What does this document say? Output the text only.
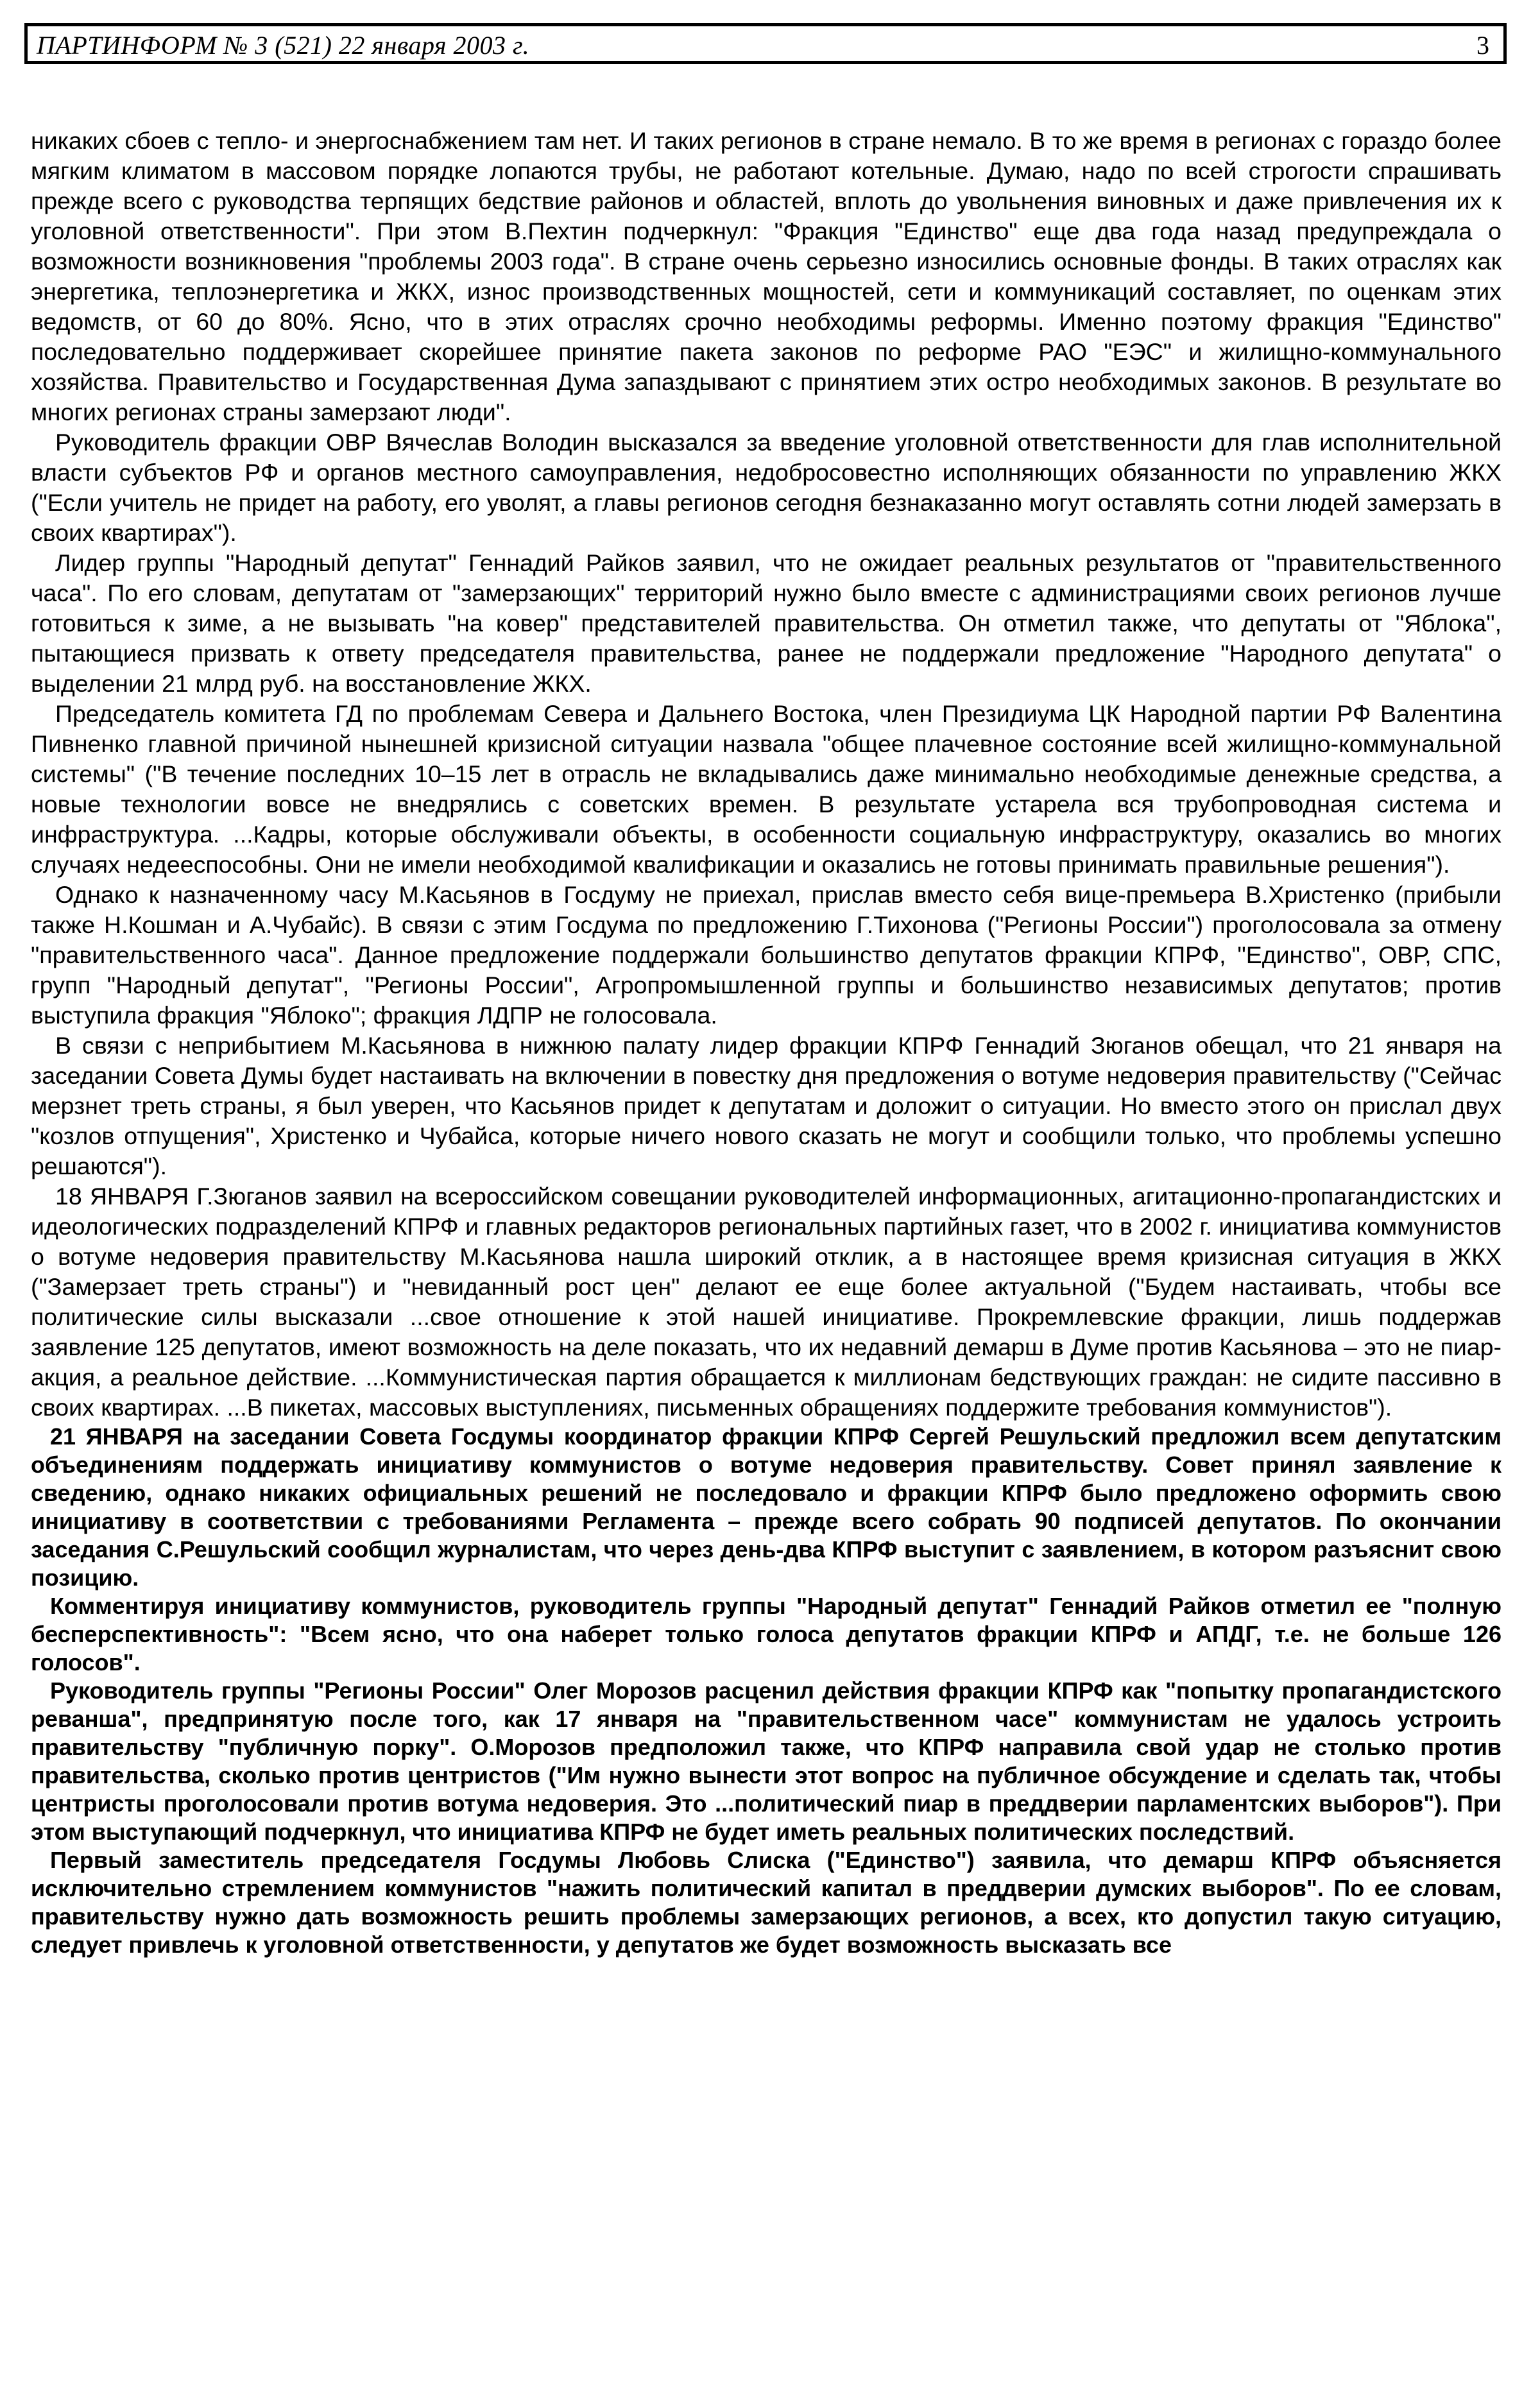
ПАРТИНФОРМ № 3 (521) 22 января 2003 г.	3

никаких сбоев с тепло- и энергоснабжением там нет. И таких регионов в стране немало. В то же время в регионах с гораздо более мягким климатом в массовом порядке лопаются трубы, не работают котельные. Думаю, надо по всей строгости спрашивать прежде всего с руководства терпящих бедствие районов и областей, вплоть до увольнения виновных и даже привлечения их к уголовной ответственности". При этом В.Пехтин подчеркнул: "Фракция "Единство" еще два года назад предупреждала о возможности возникновения "проблемы 2003 года". В стране очень серьезно износились основные фонды. В таких отраслях как энергетика, теплоэнергетика и ЖКХ, износ производственных мощностей, сети и коммуникаций составляет, по оценкам этих ведомств, от 60 до 80%. Ясно, что в этих отраслях срочно необходимы реформы. Именно поэтому фракция "Единство" последовательно поддерживает скорейшее принятие пакета законов по реформе РАО "ЕЭС" и жилищно-коммунального хозяйства. Правительство и Государственная Дума запаздывают с принятием этих остро необходимых законов. В результате во многих регионах страны замерзают люди".

Руководитель фракции ОВР Вячеслав Володин высказался за введение уголовной ответственности для глав исполнительной власти субъектов РФ и органов местного самоуправления, недобросовестно исполняющих обязанности по управлению ЖКХ ("Если учитель не придет на работу, его уволят, а главы регионов сегодня безнаказанно могут оставлять сотни людей замерзать в своих квартирах").

Лидер группы "Народный депутат" Геннадий Райков заявил, что не ожидает реальных результатов от "правительственного часа". По его словам, депутатам от "замерзающих" территорий нужно было вместе с администрациями своих регионов лучше готовиться к зиме, а не вызывать "на ковер" представителей правительства. Он отметил также, что депутаты от "Яблока", пытающиеся призвать к ответу председателя правительства, ранее не поддержали предложение "Народного депутата" о выделении 21 млрд руб. на восстановление ЖКХ.

Председатель комитета ГД по проблемам Севера и Дальнего Востока, член Президиума ЦК Народной партии РФ Валентина Пивненко главной причиной нынешней кризисной ситуации назвала "общее плачевное состояние всей жилищно-коммунальной системы" ("В течение последних 10–15 лет в отрасль не вкладывались даже минимально необходимые денежные средства, а новые технологии вовсе не внедрялись с советских времен. В результате устарела вся трубопроводная система и инфраструктура. ...Кадры, которые обслуживали объекты, в особенности социальную инфраструктуру, оказались во многих случаях недееспособны. Они не имели необходимой квалификации и оказались не готовы принимать правильные решения").

Однако к назначенному часу М.Касьянов в Госдуму не приехал, прислав вместо себя вице-премьера В.Христенко (прибыли также Н.Кошман и А.Чубайс). В связи с этим Госдума по предложению Г.Тихонова ("Регионы России") проголосовала за отмену "правительственного часа". Данное предложение поддержали большинство депутатов фракции КПРФ, "Единство", ОВР, СПС, групп "Народный депутат", "Регионы России", Агропромышленной группы и большинство независимых депутатов; против выступила фракция "Яблоко"; фракция ЛДПР не голосовала.

В связи с неприбытием М.Касьянова в нижнюю палату лидер фракции КПРФ Геннадий Зюганов обещал, что 21 января на заседании Совета Думы будет настаивать на включении в повестку дня предложения о вотуме недоверия правительству ("Сейчас мерзнет треть страны, я был уверен, что Касьянов придет к депутатам и доложит о ситуации. Но вместо этого он прислал двух "козлов отпущения", Христенко и Чубайса, которые ничего нового сказать не могут и сообщили только, что проблемы успешно решаются").

18 ЯНВАРЯ Г.Зюганов заявил на всероссийском совещании руководителей информационных, агитационно-пропагандистских и идеологических подразделений КПРФ и главных редакторов региональных партийных газет, что в 2002 г. инициатива коммунистов о вотуме недоверия правительству М.Касьянова нашла широкий отклик, а в настоящее время кризисная ситуация в ЖКХ ("Замерзает треть страны") и "невиданный рост цен" делают ее еще более актуальной ("Будем настаивать, чтобы все политические силы высказали ...свое отношение к этой нашей инициативе. Прокремлевские фракции, лишь поддержав заявление 125 депутатов, имеют возможность на деле показать, что их недавний демарш в Думе против Касьянова – это не пиар-акция, а реальное действие. ...Коммунистическая партия обращается к миллионам бедствующих граждан: не сидите пассивно в своих квартирах. ...В пикетах, массовых выступлениях, письменных обращениях поддержите требования коммунистов").

21 ЯНВАРЯ на заседании Совета Госдумы координатор фракции КПРФ Сергей Решульский предложил всем депутатским объединениям поддержать инициативу коммунистов о вотуме недоверия правительству. Совет принял заявление к сведению, однако никаких официальных решений не последовало и фракции КПРФ было предложено оформить свою инициативу в соответствии с требованиями Регламента – прежде всего собрать 90 подписей депутатов. По окончании заседания С.Решульский сообщил журналистам, что через день-два КПРФ выступит с заявлением, в котором разъяснит свою позицию.

Комментируя инициативу коммунистов, руководитель группы "Народный депутат" Геннадий Райков отметил ее "полную бесперспективность": "Всем ясно, что она наберет только голоса депутатов фракции КПРФ и АПДГ, т.е. не больше 126 голосов".

Руководитель группы "Регионы России" Олег Морозов расценил действия фракции КПРФ как "попытку пропагандистского реванша", предпринятую после того, как 17 января на "правительственном часе" коммунистам не удалось устроить правительству "публичную порку". О.Морозов предположил также, что КПРФ направила свой удар не столько против правительства, сколько против центристов ("Им нужно вынести этот вопрос на публичное обсуждение и сделать так, чтобы центристы проголосовали против вотума недоверия. Это ...политический пиар в преддверии парламентских выборов"). При этом выступающий подчеркнул, что инициатива КПРФ не будет иметь реальных политических последствий.

Первый заместитель председателя Госдумы Любовь Слиска ("Единство") заявила, что демарш КПРФ объясняется исключительно стремлением коммунистов "нажить политический капитал в преддверии думских выборов". По ее словам, правительству нужно дать возможность решить проблемы замерзающих регионов, а всех, кто допустил такую ситуацию, следует привлечь к уголовной ответственности, у депутатов же будет возможность высказать все
